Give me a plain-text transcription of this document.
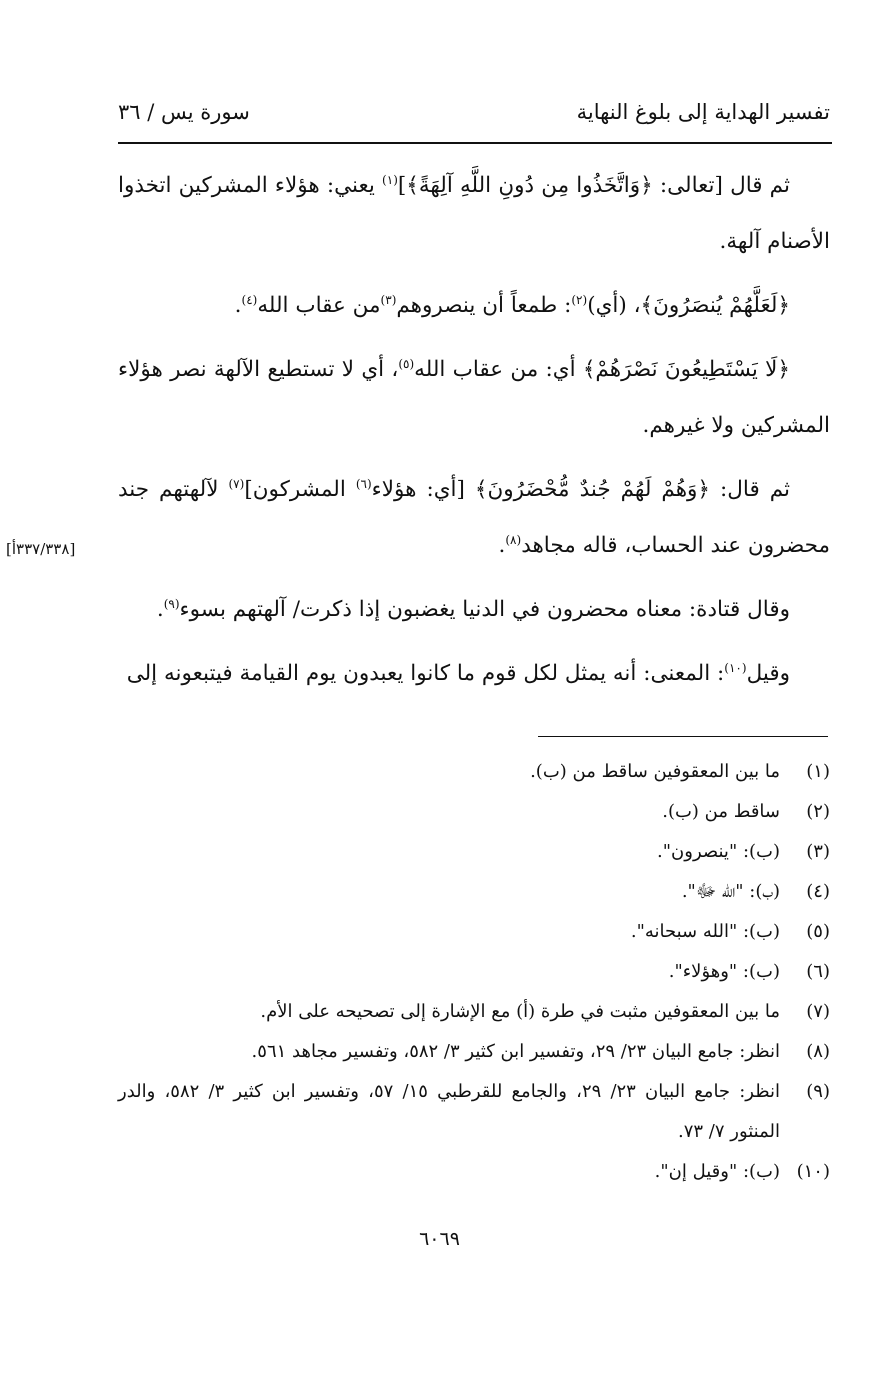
تفسير الهداية إلى بلوغ النهاية
سورة يس / ٣٦

ثم قال [تعالى: ﴿وَاتَّخَذُوا مِن دُونِ اللَّهِ آلِهَةً﴾]$^{(١)}$ يعني: هؤلاء المشركين اتخذوا الأصنام آلهة.

﴿لَعَلَّهُمْ يُنصَرُونَ﴾، (أي)$^{(٢)}$: طمعاً أن ينصروهم$^{(٣)}$من عقاب الله$^{(٤)}$.

﴿لَا يَسْتَطِيعُونَ نَصْرَهُمْ﴾ أي: من عقاب الله$^{(٥)}$، أي لا تستطيع الآلهة نصر هؤلاء المشركين ولا غيرهم.

ثم قال: ﴿وَهُمْ لَهُمْ جُندٌ مُّحْضَرُونَ﴾ [أي: هؤلاء$^{(٦)}$ المشركون]$^{(٧)}$ لآلهتهم جند محضرون عند الحساب، قاله مجاهد$^{(٨)}$.

وقال قتادة: معناه محضرون في الدنيا يغضبون إذا ذكرت/ آلهتهم بسوء$^{(٩)}$.

وقيل$^{(١٠)}$: المعنى: أنه يمثل لكل قوم ما كانوا يعبدون يوم القيامة فيتبعونه إلى

[٣٣٧/٣٣٨أ]
(١)
ما بين المعقوفين ساقط من (ب).
(٢)
ساقط من (ب).
(٣)
(ب): "ينصرون".
(٤)
(ب): "الله ﷻ".
(٥)
(ب): "الله سبحانه".
(٦)
(ب): "وهؤلاء".
(٧)
ما بين المعقوفين مثبت في طرة (أ) مع الإشارة إلى تصحيحه على الأم.
(٨)
انظر: جامع البيان ٢٣/ ٢٩، وتفسير ابن كثير ٣/ ٥٨٢، وتفسير مجاهد ٥٦١.
(٩)
انظر: جامع البيان ٢٣/ ٢٩، والجامع للقرطبي ١٥/ ٥٧، وتفسير ابن كثير ٣/ ٥٨٢، والدر المنثور ٧/ ٧٣.
(١٠)
(ب): "وقيل إن".
٦٠٦٩
